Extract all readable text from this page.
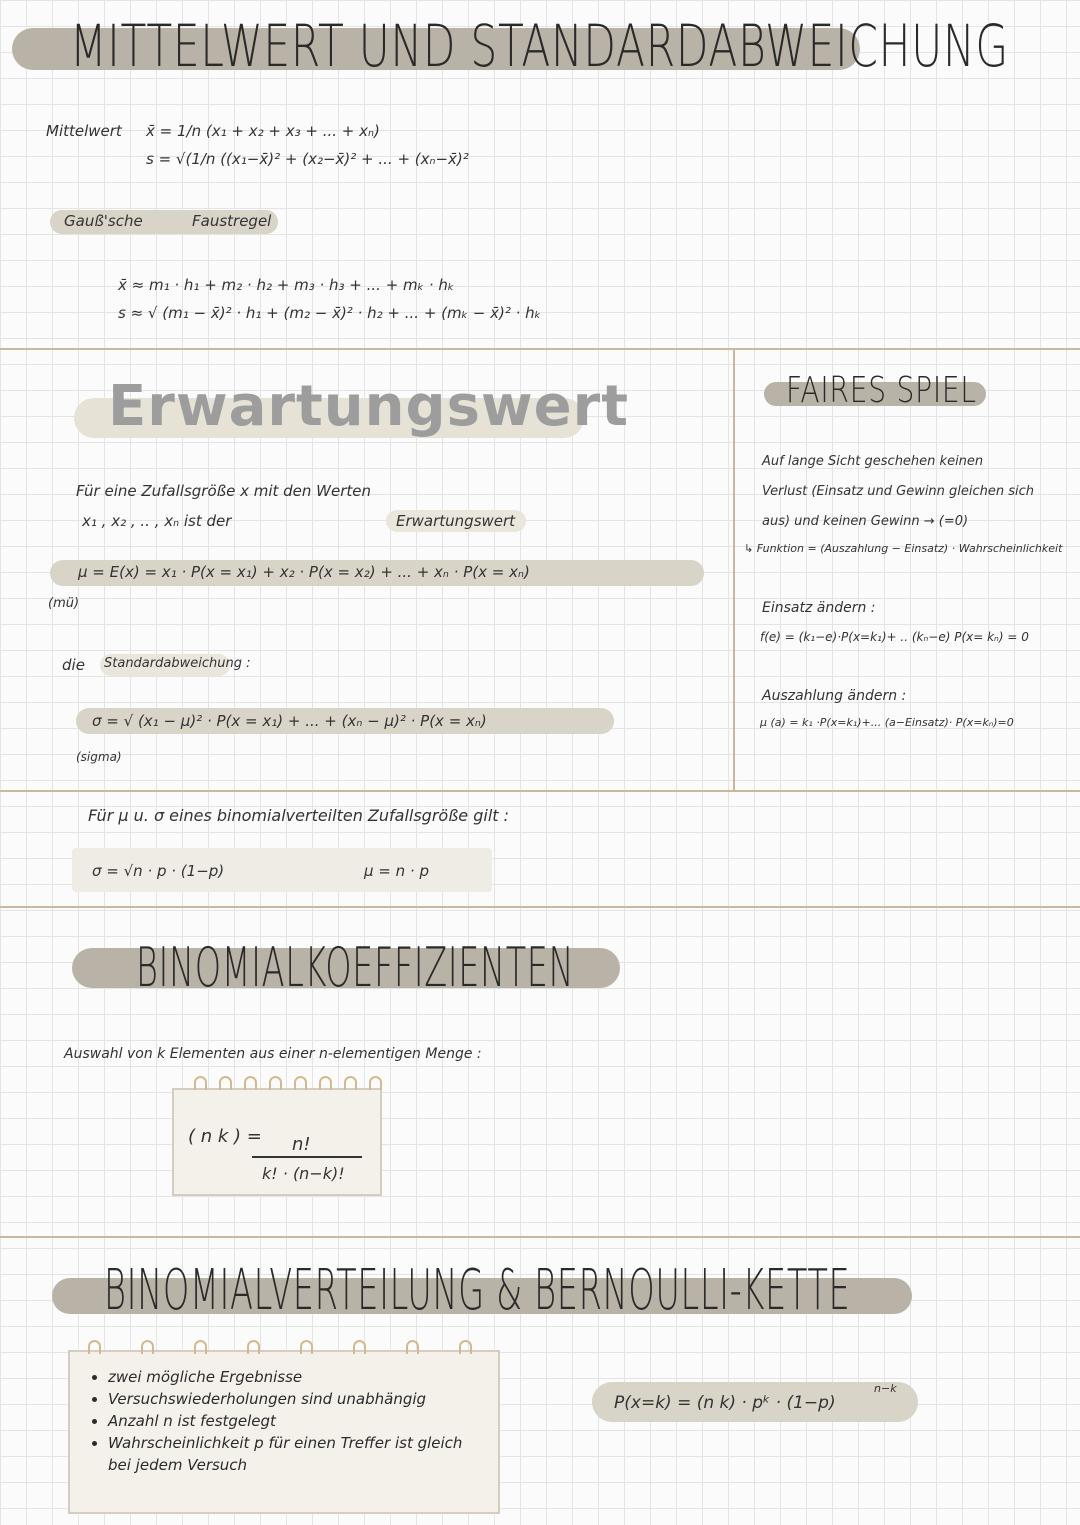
MITTELWERT UND STANDARDABWEICHUNG
Mittelwert x̄ = 1/n (x₁ + x₂ + x₃ + ... + xₙ)
s = √(1/n ((x₁−x̄)² + (x₂−x̄)² + ... + (xₙ−x̄)²
Gauß'sche	Faustregel
x̄ ≈ m₁ · h₁ + m₂ · h₂ + m₃ · h₃ + ... + mₖ · hₖ
s ≈ √ (m₁ − x̄)² · h₁ + (m₂ − x̄)² · h₂ + ... + (mₖ − x̄)² · hₖ
Erwartungswert
Für eine Zufallsgröße x mit den Werten
x₁ , x₂ , .. , xₙ ist der	Erwartungswert
μ = E(x) = x₁ · P(x = x₁) + x₂ · P(x = x₂) + ... + xₙ · P(x = xₙ)
(mü)
die Standardabweichung :
σ = √ (x₁ − μ)² · P(x = x₁) + ... + (xₙ − μ)² · P(x = xₙ)
(sigma)
FAIRES SPIEL
Auf lange Sicht geschehen keinen
Verlust (Einsatz und Gewinn gleichen sich
aus) und keinen Gewinn → (=0)
↳ Funktion = (Auszahlung − Einsatz) · Wahrscheinlichkeit
Einsatz ändern :
f(e) = (k₁−e)·P(x=k₁)+ .. (kₙ−e) P(x= kₙ) = 0
Auszahlung ändern :
μ (a) = k₁ ·P(x=k₁)+... (a−Einsatz)· P(x=kₙ)=0
Für μ u. σ eines binomialverteilten Zufallsgröße gilt :
σ = √n · p · (1−p)	μ = n · p
BINOMIALKOEFFIZIENTEN
Auswahl von k Elementen aus einer n-elementigen Menge :
( n k ) = n!
k! · (n−k)!
BINOMIALVERTEILUNG & BERNOULLI-KETTE
• zwei mögliche Ergebnisse
• Versuchswiederholungen sind unabhängig
• Anzahl n ist festgelegt
• Wahrscheinlichkeit p für einen Treffer ist gleich bei jedem Versuch
P(x=k) = (n k) · pᵏ · (1−p)
n−k
